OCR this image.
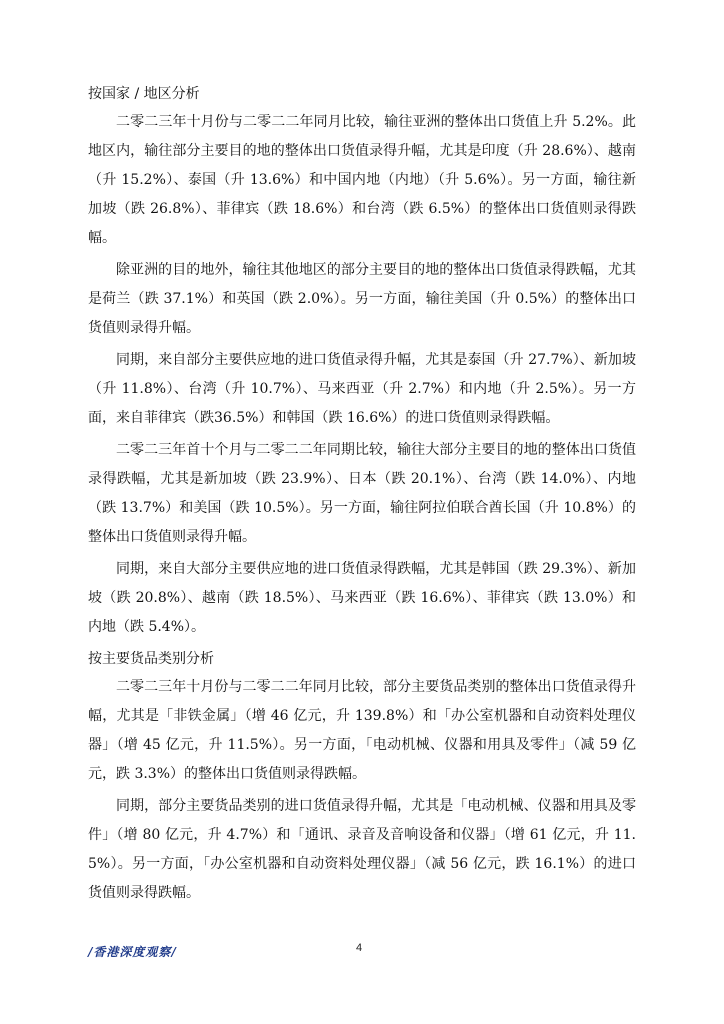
按国家 / 地区分析

二零二三年十月份与二零二二年同月比较，输往亚洲的整体出口货值上升 5.2%。此地区内，输往部分主要目的地的整体出口货值录得升幅，尤其是印度（升 28.6%）、越南（升 15.2%）、泰国（升 13.6%）和中国内地（内地）（升 5.6%）。另一方面，输往新加坡（跌 26.8%）、菲律宾（跌 18.6%）和台湾（跌 6.5%）的整体出口货值则录得跌幅。

除亚洲的目的地外，输往其他地区的部分主要目的地的整体出口货值录得跌幅，尤其是荷兰（跌 37.1%）和英国（跌 2.0%）。另一方面，输往美国（升 0.5%）的整体出口货值则录得升幅。

同期，来自部分主要供应地的进口货值录得升幅，尤其是泰国（升 27.7%）、新加坡（升 11.8%）、台湾（升 10.7%）、马来西亚（升 2.7%）和内地（升 2.5%）。另一方面，来自菲律宾（跌36.5%）和韩国（跌 16.6%）的进口货值则录得跌幅。

二零二三年首十个月与二零二二年同期比较，输往大部分主要目的地的整体出口货值录得跌幅，尤其是新加坡（跌 23.9%）、日本（跌 20.1%）、台湾（跌 14.0%）、内地（跌 13.7%）和美国（跌 10.5%）。另一方面，输往阿拉伯联合酋长国（升 10.8%）的整体出口货值则录得升幅。

同期，来自大部分主要供应地的进口货值录得跌幅，尤其是韩国（跌 29.3%）、新加坡（跌 20.8%）、越南（跌 18.5%）、马来西亚（跌 16.6%）、菲律宾（跌 13.0%）和内地（跌 5.4%）。

按主要货品类别分析

二零二三年十月份与二零二二年同月比较，部分主要货品类别的整体出口货值录得升幅，尤其是「非铁金属」（增 46 亿元，升 139.8%）和「办公室机器和自动资料处理仪器」（增 45 亿元，升 11.5%）。另一方面，「电动机械、仪器和用具及零件」（减 59 亿元，跌 3.3%）的整体出口货值则录得跌幅。

同期，部分主要货品类别的进口货值录得升幅，尤其是「电动机械、仪器和用具及零件」（增 80 亿元，升 4.7%）和「通讯、录音及音响设备和仪器」（增 61 亿元，升 11.5%）。另一方面，「办公室机器和自动资料处理仪器」（减 56 亿元，跌 16.1%）的进口货值则录得跌幅。

/香港深度观察/	4
